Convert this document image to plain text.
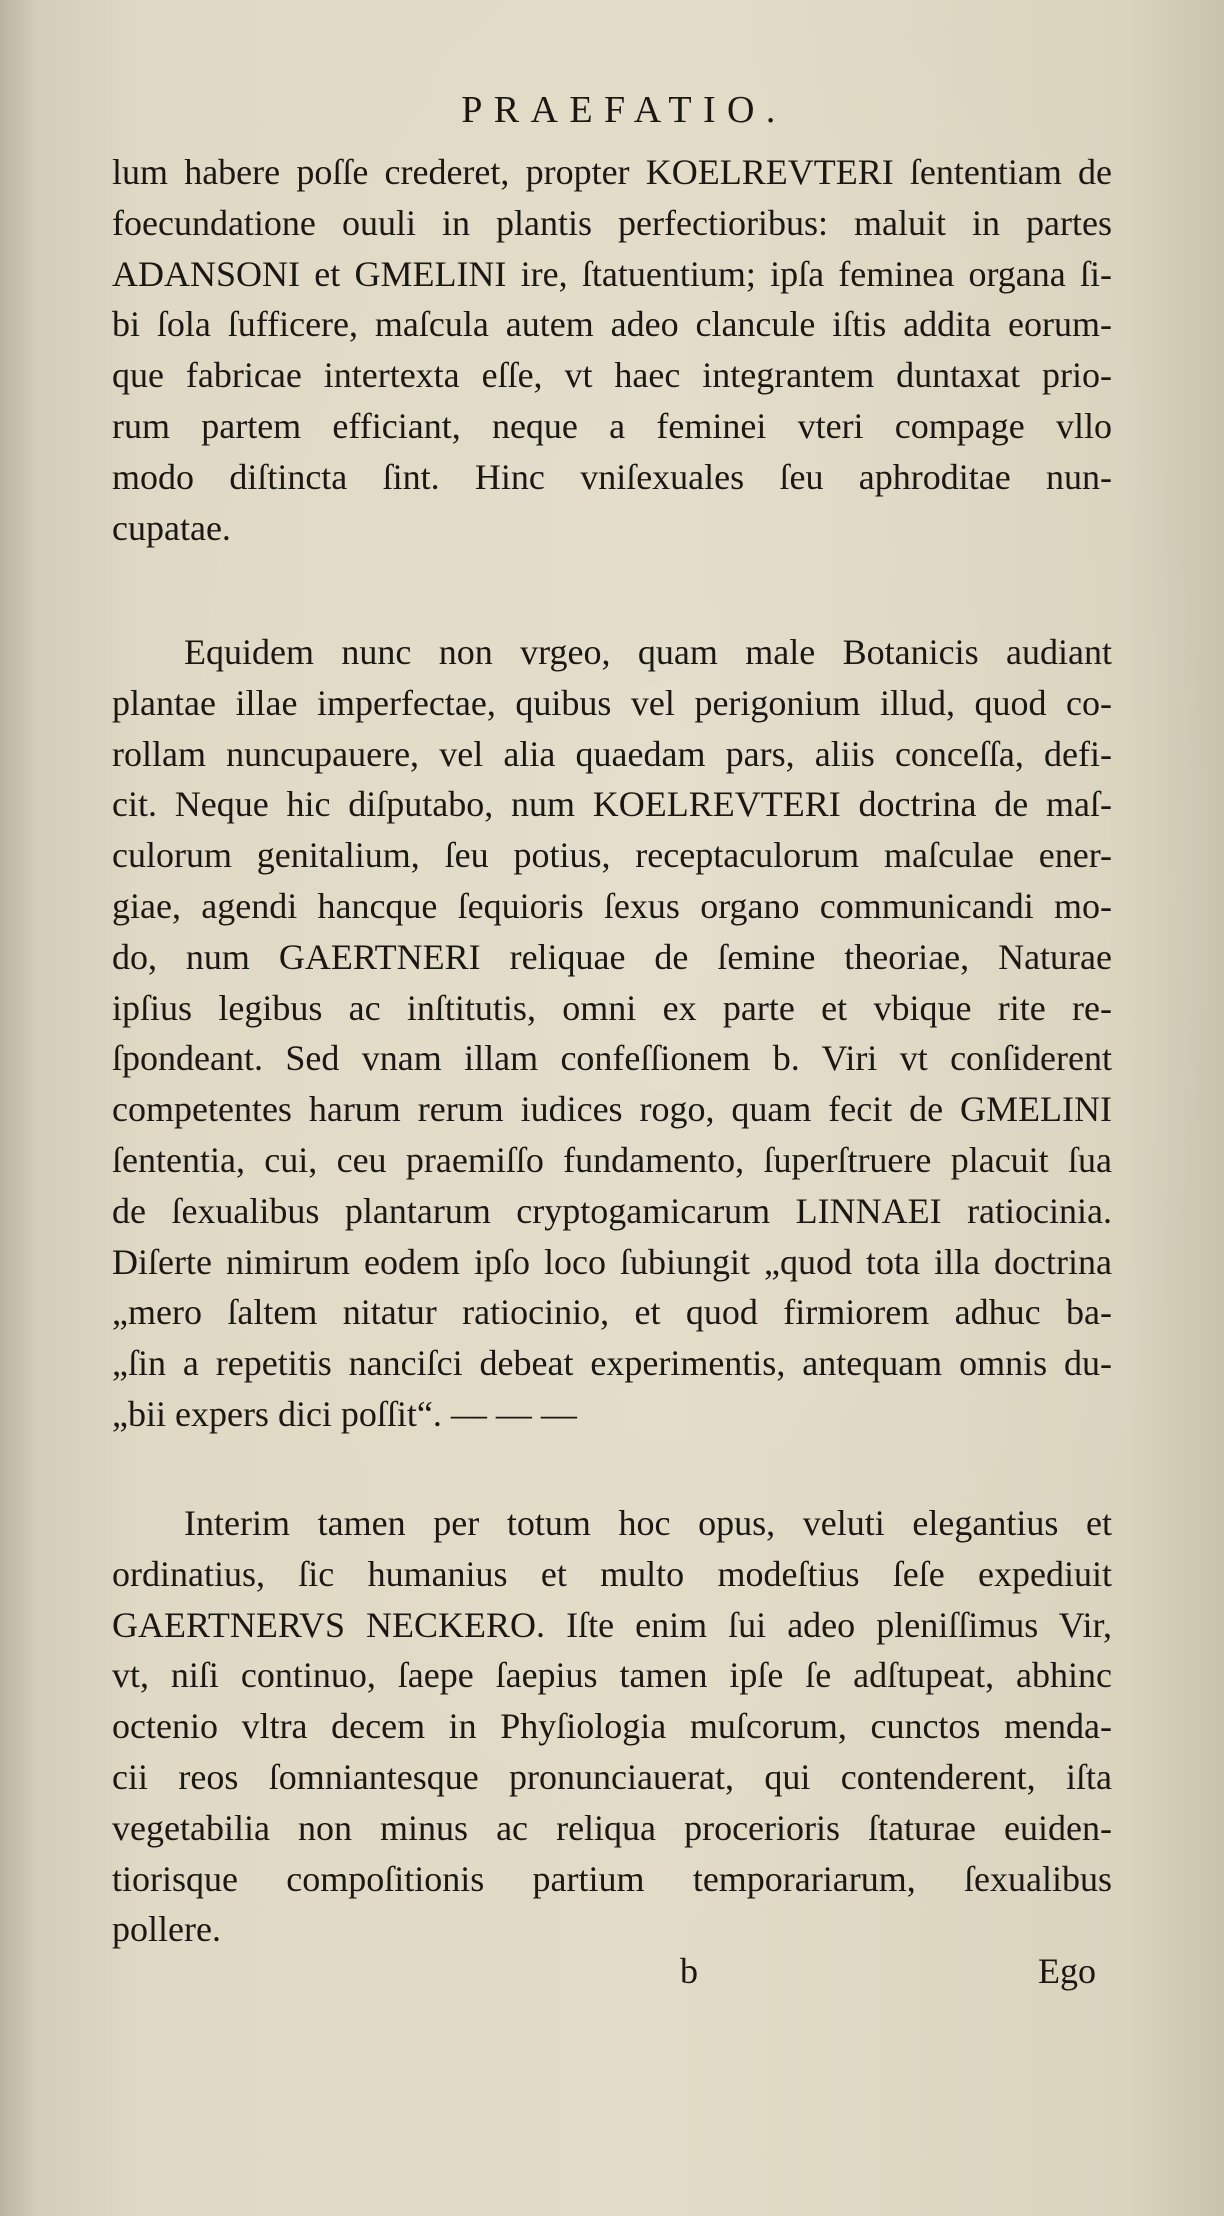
PRAEFATIO.
lum habere poſſe crederet, propter KOELREVTERI ſententiam de
foecundatione ouuli in plantis perfectioribus: maluit in partes
ADANSONI et GMELINI ire, ſtatuentium; ipſa feminea organa ſi-
bi ſola ſufficere, maſcula autem adeo clancule iſtis addita eorum-
que fabricae intertexta eſſe, vt haec integrantem duntaxat prio-
rum partem efficiant, neque a feminei vteri compage vllo
modo diſtincta ſint. Hinc vniſexuales ſeu aphroditae nun-
cupatae.
Equidem nunc non vrgeo, quam male Botanicis audiant
plantae illae imperfectae, quibus vel perigonium illud, quod co-
rollam nuncupauere, vel alia quaedam pars, aliis conceſſa, defi-
cit. Neque hic diſputabo, num KOELREVTERI doctrina de maſ-
culorum genitalium, ſeu potius, receptaculorum maſculae ener-
giae, agendi hancque ſequioris ſexus organo communicandi mo-
do, num GAERTNERI reliquae de ſemine theoriae, Naturae
ipſius legibus ac inſtitutis, omni ex parte et vbique rite re-
ſpondeant. Sed vnam illam confeſſionem b. Viri vt conſiderent
competentes harum rerum iudices rogo, quam fecit de GMELINI
ſententia, cui, ceu praemiſſo fundamento, ſuperſtruere placuit ſua
de ſexualibus plantarum cryptogamicarum LINNAEI ratiocinia.
Diſerte nimirum eodem ipſo loco ſubiungit „quod tota illa doctrina
„mero ſaltem nitatur ratiocinio, et quod firmiorem adhuc ba-
„ſin a repetitis nanciſci debeat experimentis, antequam omnis du-
„bii expers dici poſſit“. — — —
Interim tamen per totum hoc opus, veluti elegantius et
ordinatius, ſic humanius et multo modeſtius ſeſe expediuit
GAERTNERVS NECKERO. Iſte enim ſui adeo pleniſſimus Vir,
vt, niſi continuo, ſaepe ſaepius tamen ipſe ſe adſtupeat, abhinc
octenio vltra decem in Phyſiologia muſcorum, cunctos menda-
cii reos ſomniantesque pronunciauerat, qui contenderent, iſta
vegetabilia non minus ac reliqua procerioris ſtaturae euiden-
tiorisque compoſitionis partium temporariarum, ſexualibus
pollere.
b	Ego
